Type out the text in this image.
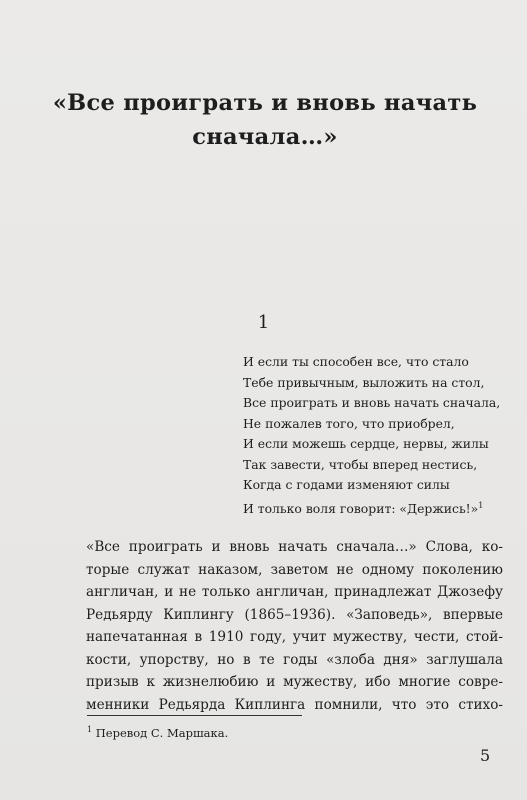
«Все проиграть и вновь начать
сначала…»

1

И если ты способен все, что стало
Тебе привычным, выложить на стол,
Все проиграть и вновь начать сначала,
Не пожалев того, что приобрел,
И если можешь сердце, нервы, жилы
Так завести, чтобы вперед нестись,
Когда с годами изменяют силы
И только воля говорит: «Держись!»$^1$
«Все проиграть и вновь начать сначала…» Слова, ко-
торые служат наказом, заветом не одному поколению
англичан, и не только англичан, принадлежат Джозефу
Редьярду Киплингу (1865–1936). «Заповедь», впервые
напечатанная в 1910 году, учит мужеству, чести, стой-
кости, упорству, но в те годы «злоба дня» заглушала
призыв к жизнелюбию и мужеству, ибо многие совре-
менники Редьярда Киплинга помнили, что это стихо-

$^1$ Перевод С. Маршака.

5
